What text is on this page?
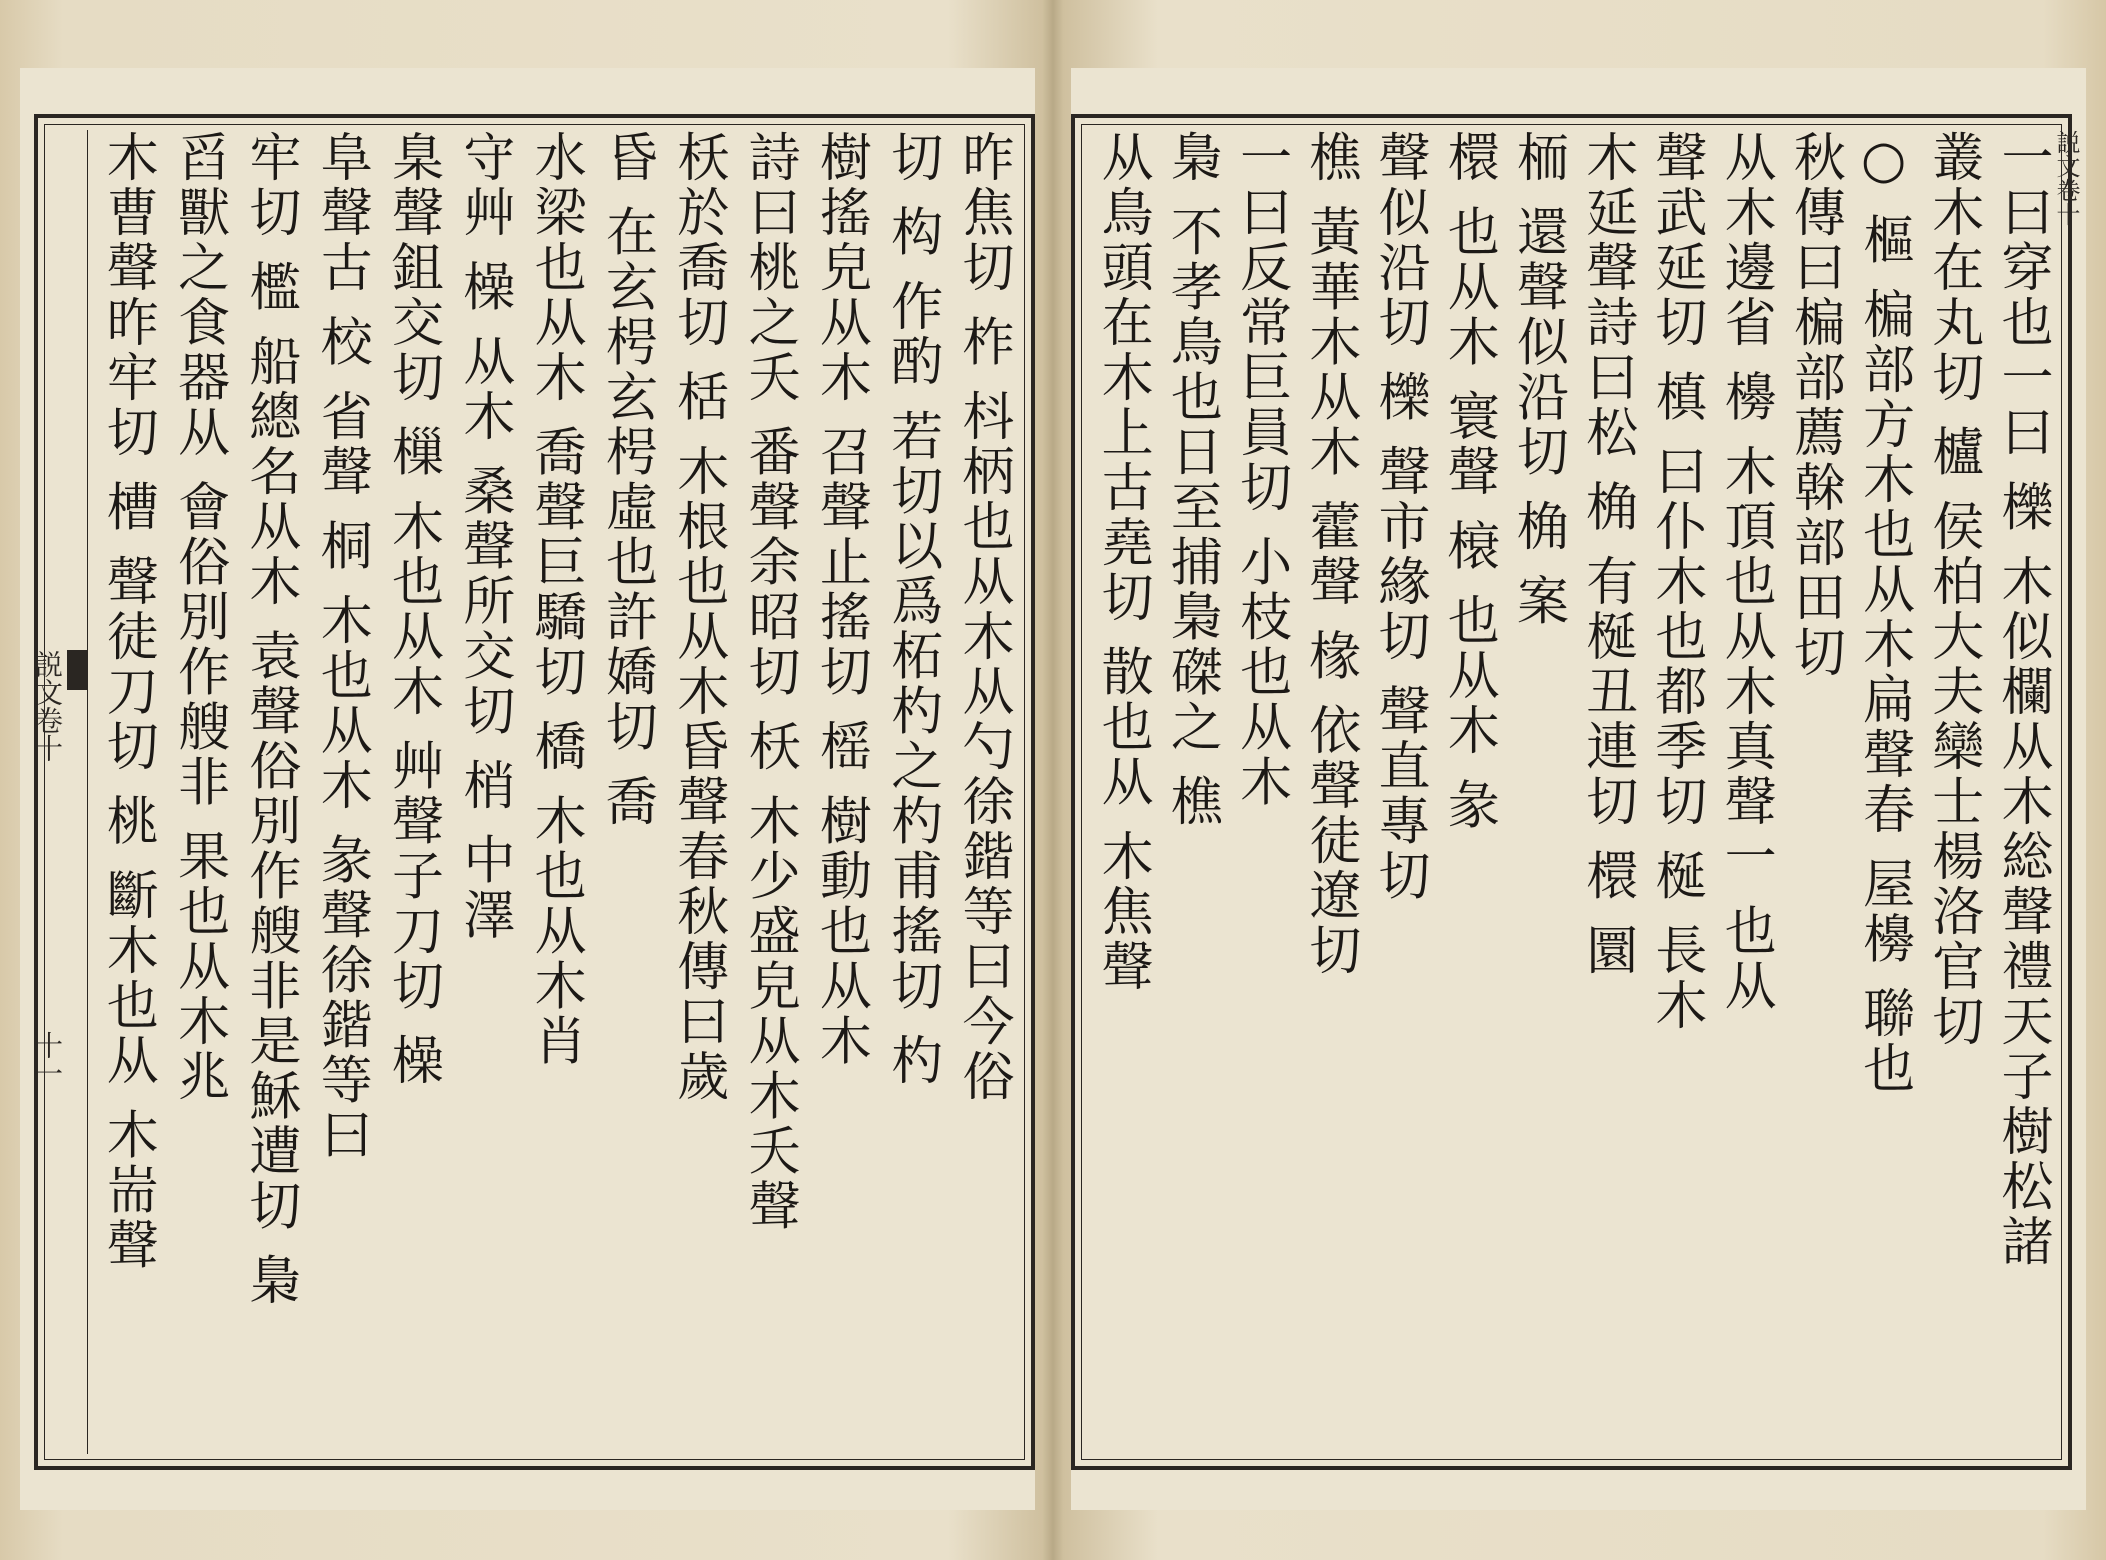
説文卷十 十一	昨焦切 柞 枓柄也从木从勺徐鍇等曰今俗
切 构 作酌 若切以爲柘杓之杓甫搖切 杓
樹搖皃从木 召聲止搖切 榣 樹動也从木
詩曰桃之夭 番聲余昭切 枖 木少盛皃从木夭聲
枖於喬切 栝 木根也从木昏聲春秋傳曰歲
昏 在玄枵玄枵虛也許嬌切 喬
水梁也从木 喬聲巨驕切 橋 木也从木肖
守艸 橾 从木 桑聲所交切 梢 中澤
臬聲鉏交切 樔 木也从木 艸聲子刀切 橾
阜聲古 校 省聲 桐 木也从木 彖聲徐鍇等曰
牢切 檻 船總名从木 袁聲俗別作艘非是穌遭切 梟
舀獸之食器从 會俗別作艘非 果也从木兆
木曹聲昨牢切 槽 聲徒刀切 桃 斷木也从 木耑聲	説文卷十
一曰穿也一曰 櫟 木似欄从木総聲禮天子樹松諸
叢木在丸切 櫨 侯柏大夫欒士楊洛官切
○ 樞 楄部方木也从木扁聲春 屋櫋 聯也
秋傳曰楄部薦榦部田切
从木邊省 櫋 木頂也从木真聲一 也从
聲武延切 槙 曰仆木也都季切 梴 長木
木延聲詩曰松 桷 有梴丑連切 檈 圜
栭 還聲似沿切 桷 案
檈 也从木 寰聲 榱 也从木 彖
聲似沿切 櫟 聲市緣切 聲直專切
樵 黃華木从木 藿聲 椽 依聲徒遼切
一曰反常巨員切 小枝也从木
梟 不孝鳥也日至捕梟磔之 樵
从鳥頭在木上古堯切 散也从 木焦聲
